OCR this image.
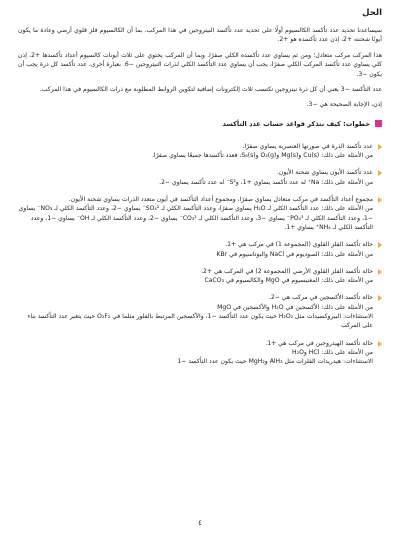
الحل

سيساعدنا تحديد عدد تأكسد الكالسيوم أولًا على تحديد عدد تأكسد النيتروجين في هذا المركب. بما أن الكالسيوم فلز قلوي أرضي وعادة ما يكون أيونًا شحنته +2، إذن عدد تأكسده هو +2.

هذا المركب مركب متعادل؛ ومن ثم يساوي عدد تأكسده الكلي صفرًا. وبما أن المركب يحتوي على ثلاث أيونات كالسيوم أعداد تأكسدها +2، إذن كلي يساوي عدد تأكسد المركب الكلي صفرًا، يجب أن يساوي عدد التأكسد الكلي لذرات النيتروجين −6. بعبارة أخرى، عدد تأكسد كل ذرة يجب أن يكون −3.

عدد التأكسد −3 يعني أن كل ذرة نيتروجين تكتسب ثلاث إلكترونات إضافية لتكوين الروابط المطلوبة مع ذرات الكالسيوم في هذا المركب.

إذن، الإجابة الصحيحة هي −3.

خطوات: كيف نتذكر قواعد حساب عدد التأكسد
عدد تأكسد الذرة في صورتها العنصرية يساوي صفرًا.
من الأمثلة على ذلك: Cu(s) وMg(s) وO₂(g) وS₈(s)، فعدد تأكسدها جميعًا يساوي صفرًا.
عدد تأكسد الأيون يساوي شحنة الأيون.
من الأمثلة على ذلك: Na⁺ له عدد تأكسد يساوي +1، وS²⁻ له عدد تأكسد يساوي −2.
مجموع أعداد التأكسد في مركب متعادل يساوي صفرًا، ومجموع أعداد التأكسد في أيون متعدد الذرات يساوي شحنة الأيون.
من الأمثلة على ذلك: عدد التأكسد الكلي لـ H₂O يساوي صفرًا، وعدد التأكسد الكلي لـ SO₄²⁻ يساوي −2، وعدد التأكسد الكلي لـ NO₃⁻ يساوي −1، وعدد التأكسد الكلي لـ PO₄³⁻ يساوي −3، وعدد التأكسد الكلي لـ CO₃²⁻ يساوي −2، وعدد التأكسد الكلي لـ OH⁻ يساوي −1، وعدد التأكسد الكلي لـ NH₄⁺ يساوي +1.
حالة تأكسد الفلز القلوي (المجموعة 1) في مركب هي +1.
من الأمثلة على ذلك: الصوديوم في NaCl والبوتاسيوم في KBr
حالة تأكسد الفلز القلوي الأرضي (المجموعة 2) في المركب هي +2.
من الأمثلة على ذلك: المغنيسيوم في MgO والكالسيوم في CaCO₃
حالة تأكسد الأكسجين في مركب هي −2.
من الأمثلة على ذلك: الأكسجين في H₂O والأكسجين في MgO
الاستثناءات: البيروكسيدات مثل H₂O₂ حيث يكون عدد التأكسد −1، والأكسجين المرتبط بالفلور مثلما في O₂F₂ حيث يتغير عدد التأكسد بناء على المركب
حالة تأكسد الهيدروجين في مركب هي +1.
من الأمثلة على ذلك: HCl وH₂O
الاستثناءات: هيدريدات الفلزات مثل AlH₃ وMgH₂ حيث يكون عدد التأكسد −1
٤
